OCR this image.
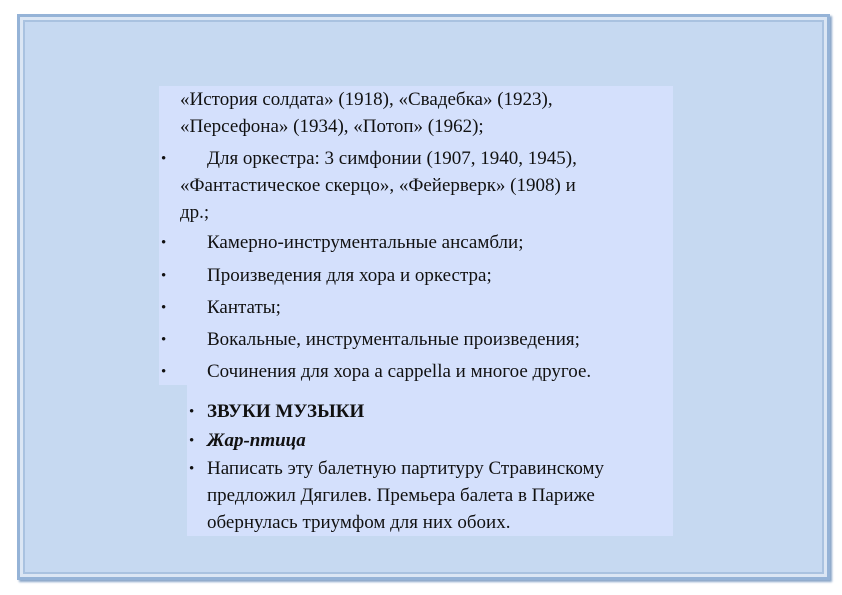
«История солдата» (1918), «Свадебка» (1923),
«Персефона» (1934), «Потоп» (1962);
• Для оркестра: 3 симфонии (1907, 1940, 1945),
«Фантастическое скерцо», «Фейерверк» (1908) и
др.;
• Камерно-инструментальные ансамбли;
• Произведения для хора и оркестра;
• Кантаты;
• Вокальные, инструментальные произведения;
• Сочинения для хора a cappella и многое другое.
• ЗВУКИ МУЗЫКИ
• Жар-птица
• Написать эту балетную партитуру Стравинскому
предложил Дягилев. Премьера балета в Париже
обернулась триумфом для них обоих.
